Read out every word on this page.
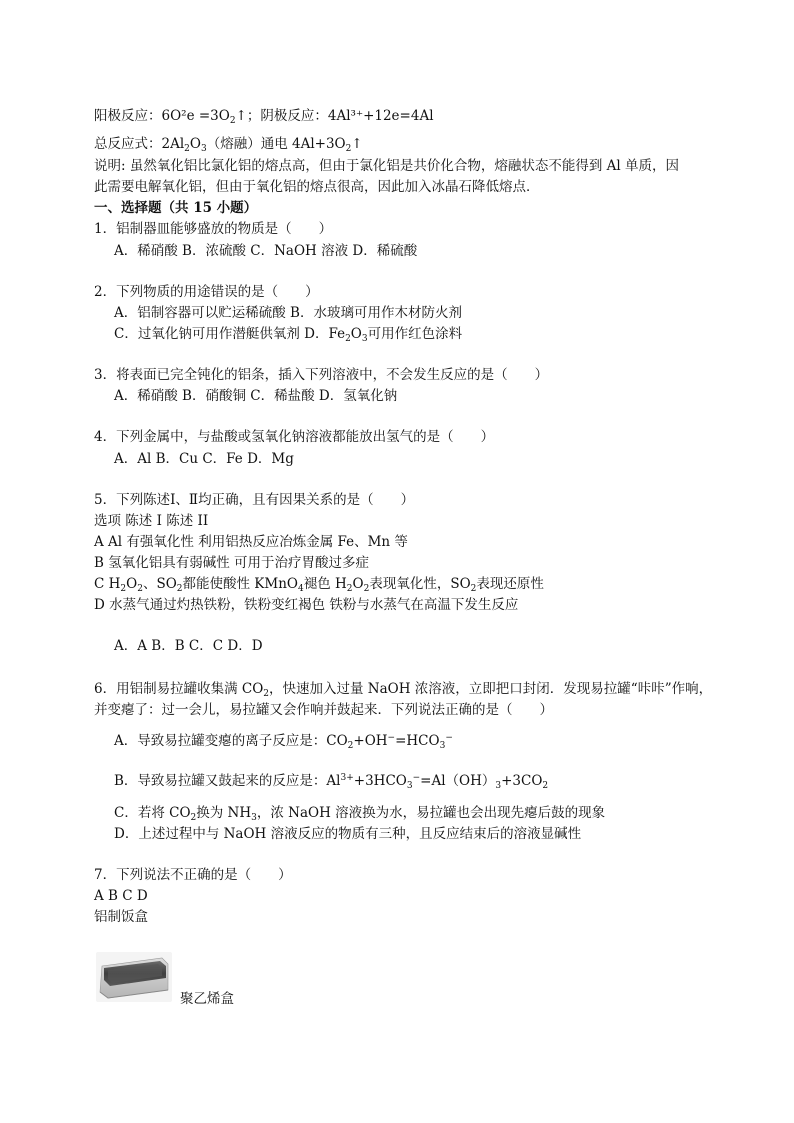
阳极反应：$6O^2e =3O_2↑$；阴极反应：4Al³⁺+12e=4Al
总反应式：$2Al_2O_3$（熔融）通电 $4Al+3O_2↑$
说明: 虽然氧化铝比氯化铝的熔点高，但由于氯化铝是共价化合物，熔融状态不能得到 Al 单质，因
此需要电解氧化铝，但由于氧化铝的熔点很高，因此加入冰晶石降低熔点．
一、选择题（共 15 小题）
1．铝制器皿能够盛放的物质是（　　）
A．稀硝酸 B．浓硫酸 C．NaOH 溶液 D．稀硫酸
2．下列物质的用途错误的是（　　）
A．铝制容器可以贮运稀硫酸 B．水玻璃可用作木材防火剂
C．过氧化钠可用作潜艇供氧剂 D．$Fe_2O_3$可用作红色涂料
3．将表面已完全钝化的铝条，插入下列溶液中，不会发生反应的是（　　）
A．稀硝酸 B．硝酸铜 C．稀盐酸 D．氢氧化钠
4．下列金属中，与盐酸或氢氧化钠溶液都能放出氢气的是（　　）
A．Al B．Cu C．Fe D．Mg
5．下列陈述Ⅰ、Ⅱ均正确，且有因果关系的是（　　）
选项 陈述 I 陈述 II
A Al 有强氧化性 利用铝热反应冶炼金属 Fe、Mn 等
B 氢氧化铝具有弱碱性 可用于治疗胃酸过多症
C $H_2O_2$、$SO_2$都能使酸性 KMnO$_4$褪色 $H_2O_2$表现氧化性，$SO_2$表现还原性
D 水蒸气通过灼热铁粉，铁粉变红褐色 铁粉与水蒸气在高温下发生反应
A．A B．B C．C D．D
6．用铝制易拉罐收集满 $CO_2$，快速加入过量 NaOH 浓溶液，立即把口封闭．发现易拉罐“咔咔”作响，
并变瘪了：过一会儿，易拉罐又会作响并鼓起来．下列说法正确的是（　　）
A．导致易拉罐变瘪的离子反应是：$CO_2+OH^-=HCO_3^-$
B．导致易拉罐又鼓起来的反应是：$Al^{3+}+3HCO_3^-=Al(OH)_3+3CO_2$
C．若将 $CO_2$换为 $NH_3$，浓 NaOH 溶液换为水，易拉罐也会出现先瘪后鼓的现象
D．上述过程中与 NaOH 溶液反应的物质有三种，且反应结束后的溶液显碱性
7．下列说法不正确的是（　　）
A B C D
铝制饭盒
聚乙烯盒
